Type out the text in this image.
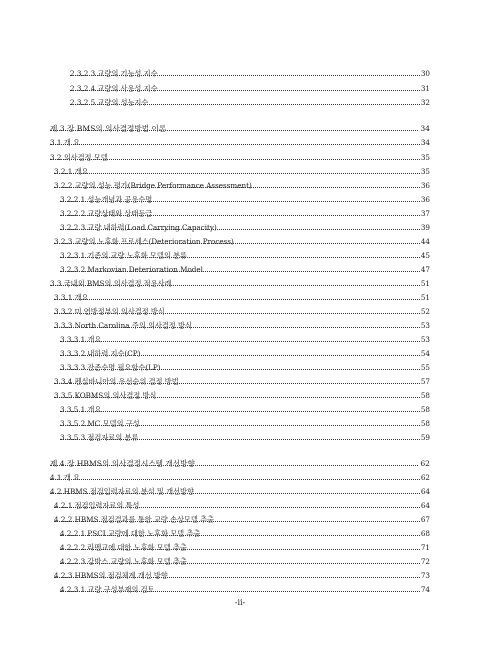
2.3.2.3 교량의 기능성 지수	30
2.3.2.4 교량의 사용성 지수	31
2.3.2.5 교량의 성능지수	32
제 3 장 BMS의 의사결정방법 이론	34
3.1 개 요	34
3.2 의사결정 모델	35
3.2.1 개요	35
3.2.2 교량의 성능 평가(Bridge Performance Assessment)	36
3.2.2.1 성능개념과 공용수명	36
3.2.2.2 교량상태와 상태등급	37
3.2.2.3 교량 내하력(Load Carrying Capacity)	39
3.2.3 교량의 노후화 프로세스(Deterioration Process)	44
3.2.3.1 기존의 교량 노후화 모델의 분류	45
3.2.3.2 Markovian Deterioration Model	47
3.3 국내외 BMS의 의사결정 적용사례	51
3.3.1 개요	51
3.3.2 미 연방정부의 의사결정 방식	52
3.3.3 North Carolina 주의 의사결정 방식	53
3.3.3.1 개요	53
3.3.3.2 내하력 지수(CP)	54
3.3.3.3 잔존수명 필요함수(LP)	55
3.3.4 펜실바니아의 우선순위 결정 방법	57
3.3.5 KOBMS의 의사결정 방식	58
3.3.5.1 개요	58
3.3.5.2 MC 모델의 구성	58
3.3.5.3 점검자료의 분류	59
제 4 장 HBMS의 의사결정시스템 개선방향	62
4.1 개 요	62
4.2 HBMS 점검입력자료의 분석 및 개선방향	64
4.2.1 점검입력자료의 특성	64
4.2.2 HBMS 점검결과를 통한 교량 손상모델 추출	67
4.2.2.1 PSCI 교량에 대한 노후화 모델 추출	68
4.2.2.2 라멘교에 대한 노후화 모델 추출	71
4.2.2.3 강박스 교량의 노후화 모델 추출	72
4.2.3 HBMS의 점검체계 개선 방향	73
4.2.3.1 교량 구성부재의 검토	74
-ii-
